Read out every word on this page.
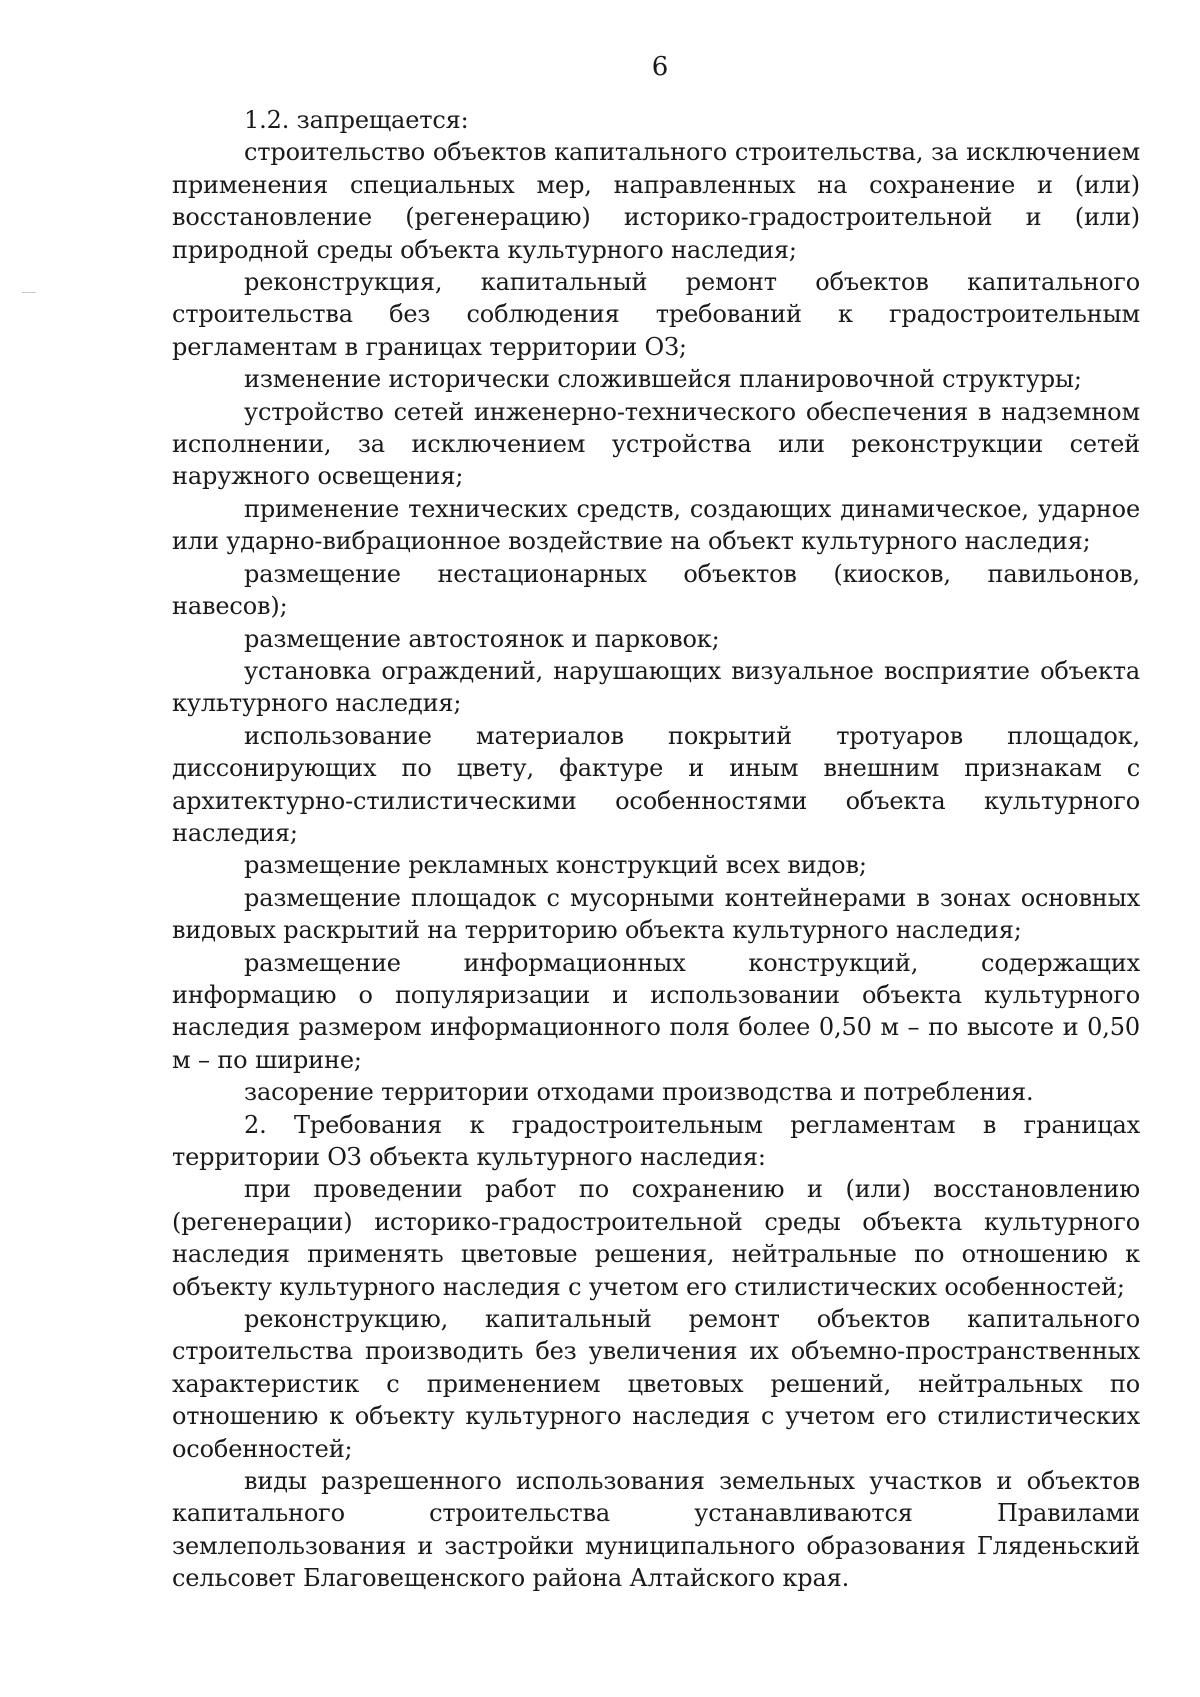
6

1.2. запрещается:

строительство объектов капитального строительства, за исключением применения специальных мер, направленных на сохранение и (или) восстановление (регенерацию) историко-градостроительной и (или) природной среды объекта культурного наследия;

реконструкция, капитальный ремонт объектов капитального строительства без соблюдения требований к градостроительным регламентам в границах территории ОЗ;

изменение исторически сложившейся планировочной структуры;

устройство сетей инженерно-технического обеспечения в надземном исполнении, за исключением устройства или реконструкции сетей наружного освещения;

применение технических средств, создающих динамическое, ударное или ударно-вибрационное воздействие на объект культурного наследия;

размещение нестационарных объектов (киосков, павильонов, навесов);

размещение автостоянок и парковок;

установка ограждений, нарушающих визуальное восприятие объекта культурного наследия;

использование материалов покрытий тротуаров площадок, диссонирующих по цвету, фактуре и иным внешним признакам с архитектурно-стилистическими особенностями объекта культурного наследия;

размещение рекламных конструкций всех видов;

размещение площадок с мусорными контейнерами в зонах основных видовых раскрытий на территорию объекта культурного наследия;

размещение информационных конструкций, содержащих информацию о популяризации и использовании объекта культурного наследия размером информационного поля более 0,50 м – по высоте и 0,50 м – по ширине;

засорение территории отходами производства и потребления.

2. Требования к градостроительным регламентам в границах территории ОЗ объекта культурного наследия:

при проведении работ по сохранению и (или) восстановлению (регенерации) историко-градостроительной среды объекта культурного наследия применять цветовые решения, нейтральные по отношению к объекту культурного наследия с учетом его стилистических особенностей;

реконструкцию, капитальный ремонт объектов капитального строительства производить без увеличения их объемно-пространственных характеристик с применением цветовых решений, нейтральных по отношению к объекту культурного наследия с учетом его стилистических особенностей;

виды разрешенного использования земельных участков и объектов капитального строительства устанавливаются Правилами землепользования и застройки муниципального образования Гляденьский сельсовет Благовещенского района Алтайского края.
